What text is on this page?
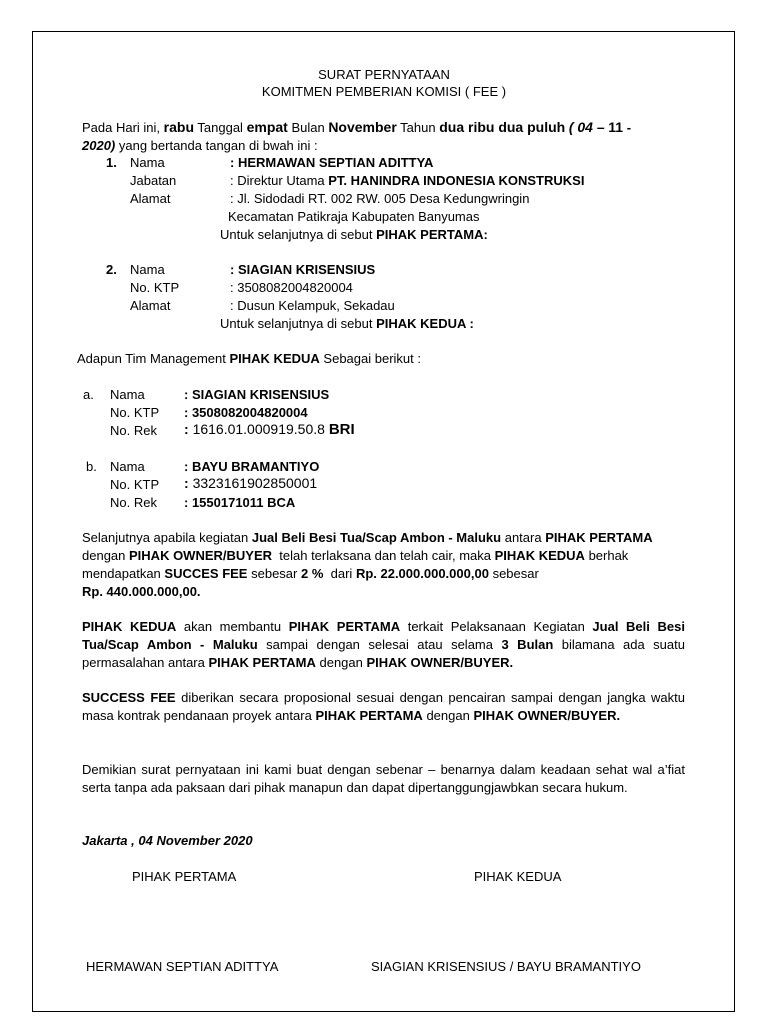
SURAT PERNYATAAN
KOMITMEN PEMBERIAN KOMISI ( FEE )
Pada Hari ini, rabu Tanggal empat Bulan November Tahun dua ribu dua puluh ( 04 – 11 -
2020) yang bertanda tangan di bwah ini :
1. Nama	: HERMAWAN SEPTIAN ADITTYA
Jabatan	: Direktur Utama PT. HANINDRA INDONESIA KONSTRUKSI
Alamat	: Jl. Sidodadi RT. 002 RW. 005 Desa Kedungwringin
Kecamatan Patikraja Kabupaten Banyumas
Untuk selanjutnya di sebut PIHAK PERTAMA:
2. Nama	: SIAGIAN KRISENSIUS
No. KTP	: 3508082004820004
Alamat	: Dusun Kelampuk, Sekadau
Untuk selanjutnya di sebut PIHAK KEDUA :
Adapun Tim Management PIHAK KEDUA Sebagai berikut :
a. Nama	: SIAGIAN KRISENSIUS
No. KTP : 3508082004820004
No. Rek : 1616.01.000919.50.8 BRI
b. Nama	: BAYU BRAMANTIYO
No. KTP : 3323161902850001
No. Rek : 1550171011 BCA
Selanjutnya apabila kegiatan Jual Beli Besi Tua/Scap Ambon - Maluku antara PIHAK PERTAMA
dengan PIHAK OWNER/BUYER telah terlaksana dan telah cair, maka PIHAK KEDUA berhak
mendapatkan SUCCES FEE sebesar 2 % dari Rp. 22.000.000.000,00 sebesar
Rp. 440.000.000,00.
PIHAK KEDUA akan membantu PIHAK PERTAMA terkait Pelaksanaan Kegiatan Jual Beli Besi Tua/Scap Ambon - Maluku sampai dengan selesai atau selama 3 Bulan bilamana ada suatu permasalahan antara PIHAK PERTAMA dengan PIHAK OWNER/BUYER.
SUCCESS FEE diberikan secara proposional sesuai dengan pencairan sampai dengan jangka waktu masa kontrak pendanaan proyek antara PIHAK PERTAMA dengan PIHAK OWNER/BUYER.
Demikian surat pernyataan ini kami buat dengan sebenar – benarnya dalam keadaan sehat wal a’fiat serta tanpa ada paksaan dari pihak manapun dan dapat dipertanggungjawbkan secara hukum.
Jakarta , 04 November 2020
PIHAK PERTAMA	PIHAK KEDUA
HERMAWAN SEPTIAN ADITTYA	SIAGIAN KRISENSIUS / BAYU BRAMANTIYO
